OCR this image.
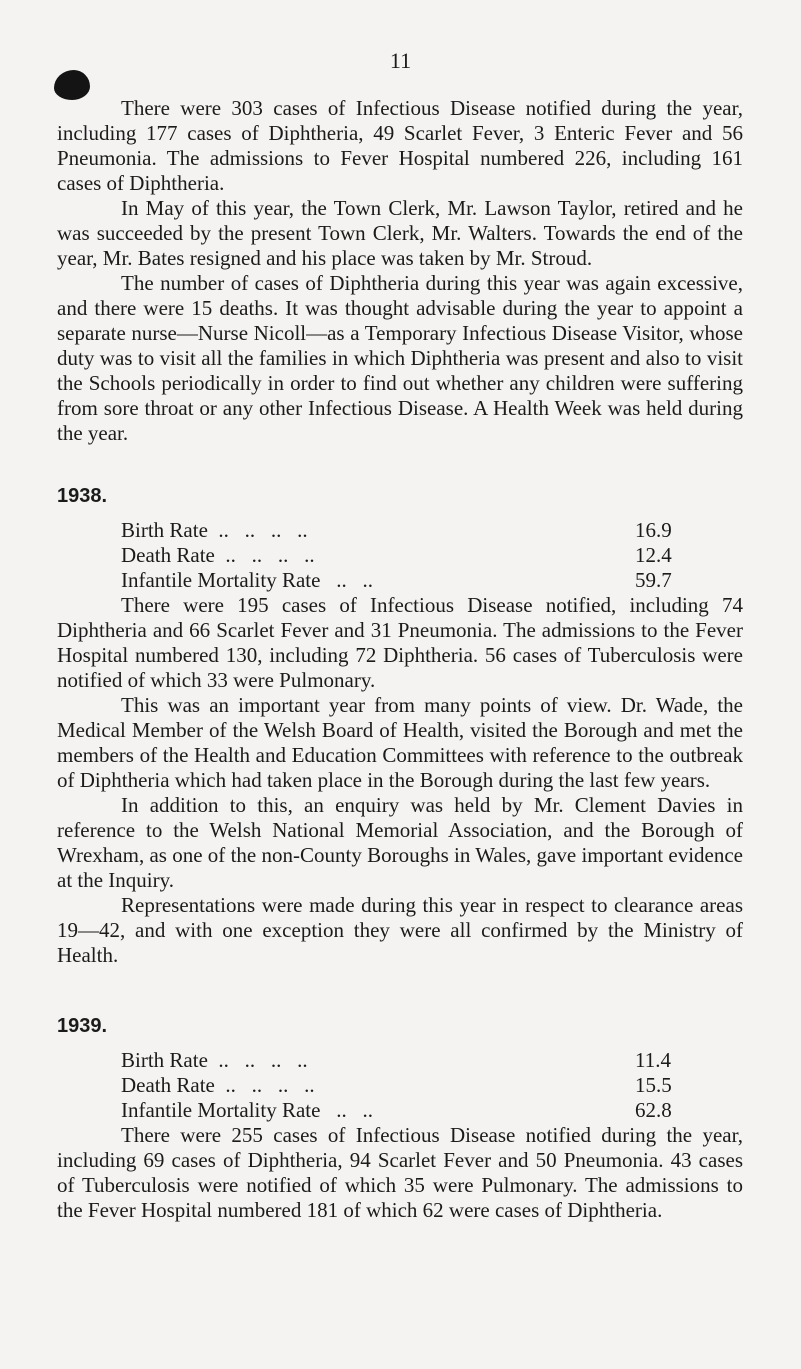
11

There were 303 cases of Infectious Disease notified during the year, including 177 cases of Diphtheria, 49 Scarlet Fever, 3 Enteric Fever and 56 Pneumonia. The admissions to Fever Hospital numbered 226, including 161 cases of Diphtheria.

In May of this year, the Town Clerk, Mr. Lawson Taylor, retired and he was succeeded by the present Town Clerk, Mr. Walters. Towards the end of the year, Mr. Bates resigned and his place was taken by Mr. Stroud.

The number of cases of Diphtheria during this year was again excessive, and there were 15 deaths. It was thought advisable during the year to appoint a separate nurse—Nurse Nicoll—as a Temporary Infectious Disease Visitor, whose duty was to visit all the families in which Diphtheria was present and also to visit the Schools periodically in order to find out whether any children were suffering from sore throat or any other Infectious Disease. A Health Week was held during the year.

1938.
Birth Rate  ..   ..   ..   ..	16.9
Death Rate  ..   ..   ..   ..	12.4
Infantile Mortality Rate   ..   ..	59.7

There were 195 cases of Infectious Disease notified, including 74 Diphtheria and 66 Scarlet Fever and 31 Pneumonia. The admissions to the Fever Hospital numbered 130, including 72 Diphtheria. 56 cases of Tuberculosis were notified of which 33 were Pulmonary.

This was an important year from many points of view. Dr. Wade, the Medical Member of the Welsh Board of Health, visited the Borough and met the members of the Health and Education Committees with reference to the outbreak of Diphtheria which had taken place in the Borough during the last few years.

In addition to this, an enquiry was held by Mr. Clement Davies in reference to the Welsh National Memorial Association, and the Borough of Wrexham, as one of the non-County Boroughs in Wales, gave important evidence at the Inquiry.

Representations were made during this year in respect to clearance areas 19—42, and with one exception they were all confirmed by the Ministry of Health.

1939.
Birth Rate  ..   ..   ..   ..	11.4
Death Rate  ..   ..   ..   ..	15.5
Infantile Mortality Rate   ..   ..	62.8

There were 255 cases of Infectious Disease notified during the year, including 69 cases of Diphtheria, 94 Scarlet Fever and 50 Pneumonia. 43 cases of Tuberculosis were notified of which 35 were Pulmonary. The admissions to the Fever Hospital numbered 181 of which 62 were cases of Diphtheria.
